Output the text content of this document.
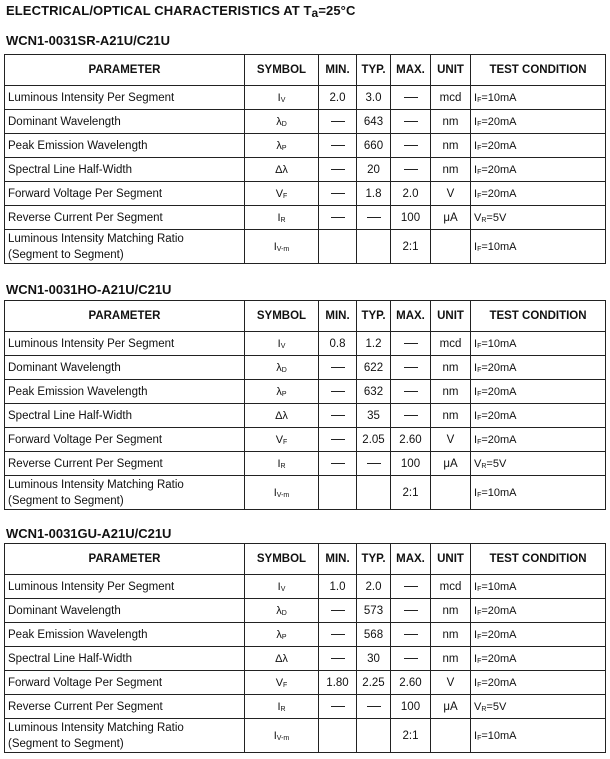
ELECTRICAL/OPTICAL CHARACTERISTICS AT $T_a=25^\circ C$
WCN1-0031SR-A21U/C21U
PARAMETER	SYMBOL	MIN.	TYP.	MAX.	UNIT	TEST CONDITION
Luminous Intensity Per Segment	$I_V$	2.0	3.0		mcd	$I_F=10mA$
Dominant Wavelength	$\lambda_D$		643		nm	$I_F=20mA$
Peak Emission Wavelength	$\lambda_P$		660		nm	$I_F=20mA$
Spectral Line Half-Width	Δλ		20		nm	$I_F=20mA$
Forward Voltage Per Segment	$V_F$		1.8	2.0	V	$I_F=20mA$
Reverse Current Per Segment	$I_R$			100	μA	$V_R=5V$

Luminous Intensity Matching Ratio
(Segment to Segment)	$I_{V-m}$			2:1		$I_F=10mA$
WCN1-0031HO-A21U/C21U
PARAMETER	SYMBOL	MIN.	TYP.	MAX.	UNIT	TEST CONDITION
Luminous Intensity Per Segment	$I_V$	0.8	1.2		mcd	$I_F=10mA$
Dominant Wavelength	$\lambda_D$		622		nm	$I_F=20mA$
Peak Emission Wavelength	$\lambda_P$		632		nm	$I_F=20mA$
Spectral Line Half-Width	Δλ		35		nm	$I_F=20mA$
Forward Voltage Per Segment	$V_F$		2.05	2.60	V	$I_F=20mA$
Reverse Current Per Segment	$I_R$			100	μA	$V_R=5V$

Luminous Intensity Matching Ratio
(Segment to Segment)	$I_{V-m}$			2:1		$I_F=10mA$
WCN1-0031GU-A21U/C21U
PARAMETER	SYMBOL	MIN.	TYP.	MAX.	UNIT	TEST CONDITION
Luminous Intensity Per Segment	$I_V$	1.0	2.0		mcd	$I_F=10mA$
Dominant Wavelength	$\lambda_D$		573		nm	$I_F=20mA$
Peak Emission Wavelength	$\lambda_P$		568		nm	$I_F=20mA$
Spectral Line Half-Width	Δλ		30		nm	$I_F=20mA$
Forward Voltage Per Segment	$V_F$	1.80	2.25	2.60	V	$I_F=20mA$
Reverse Current Per Segment	$I_R$			100	μA	$V_R=5V$

Luminous Intensity Matching Ratio
(Segment to Segment)	$I_{V-m}$			2:1		$I_F=10mA$
